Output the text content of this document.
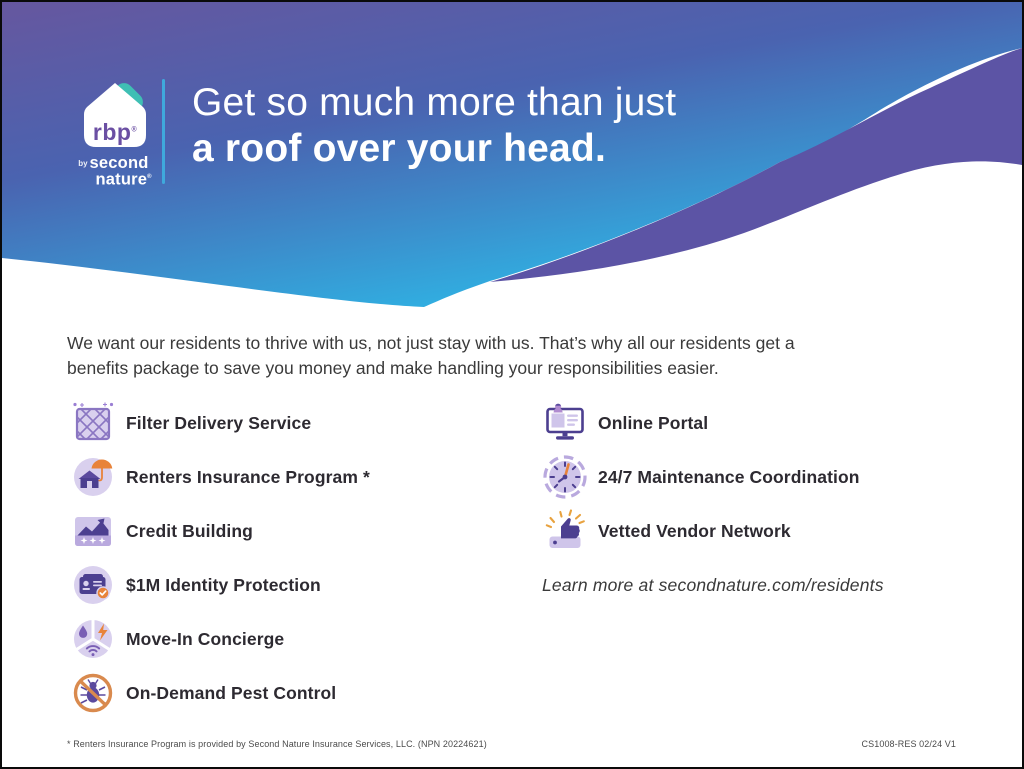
rbp®
by second
nature®
Get so much more than just
a roof over your head.
We want our residents to thrive with us, not just stay with us. That’s why all our residents get a
benefits package to save you money and make handling your responsibilities easier.
Filter Delivery Service
Renters Insurance Program *
Credit Building
$1M Identity Protection
Move-In Concierge
On-Demand Pest Control
Online Portal
24/7 Maintenance Coordination
Vetted Vendor Network
Learn more at secondnature.com/residents
* Renters Insurance Program is provided by Second Nature Insurance Services, LLC. (NPN 20224621)	CS1008-RES 02/24 V1
